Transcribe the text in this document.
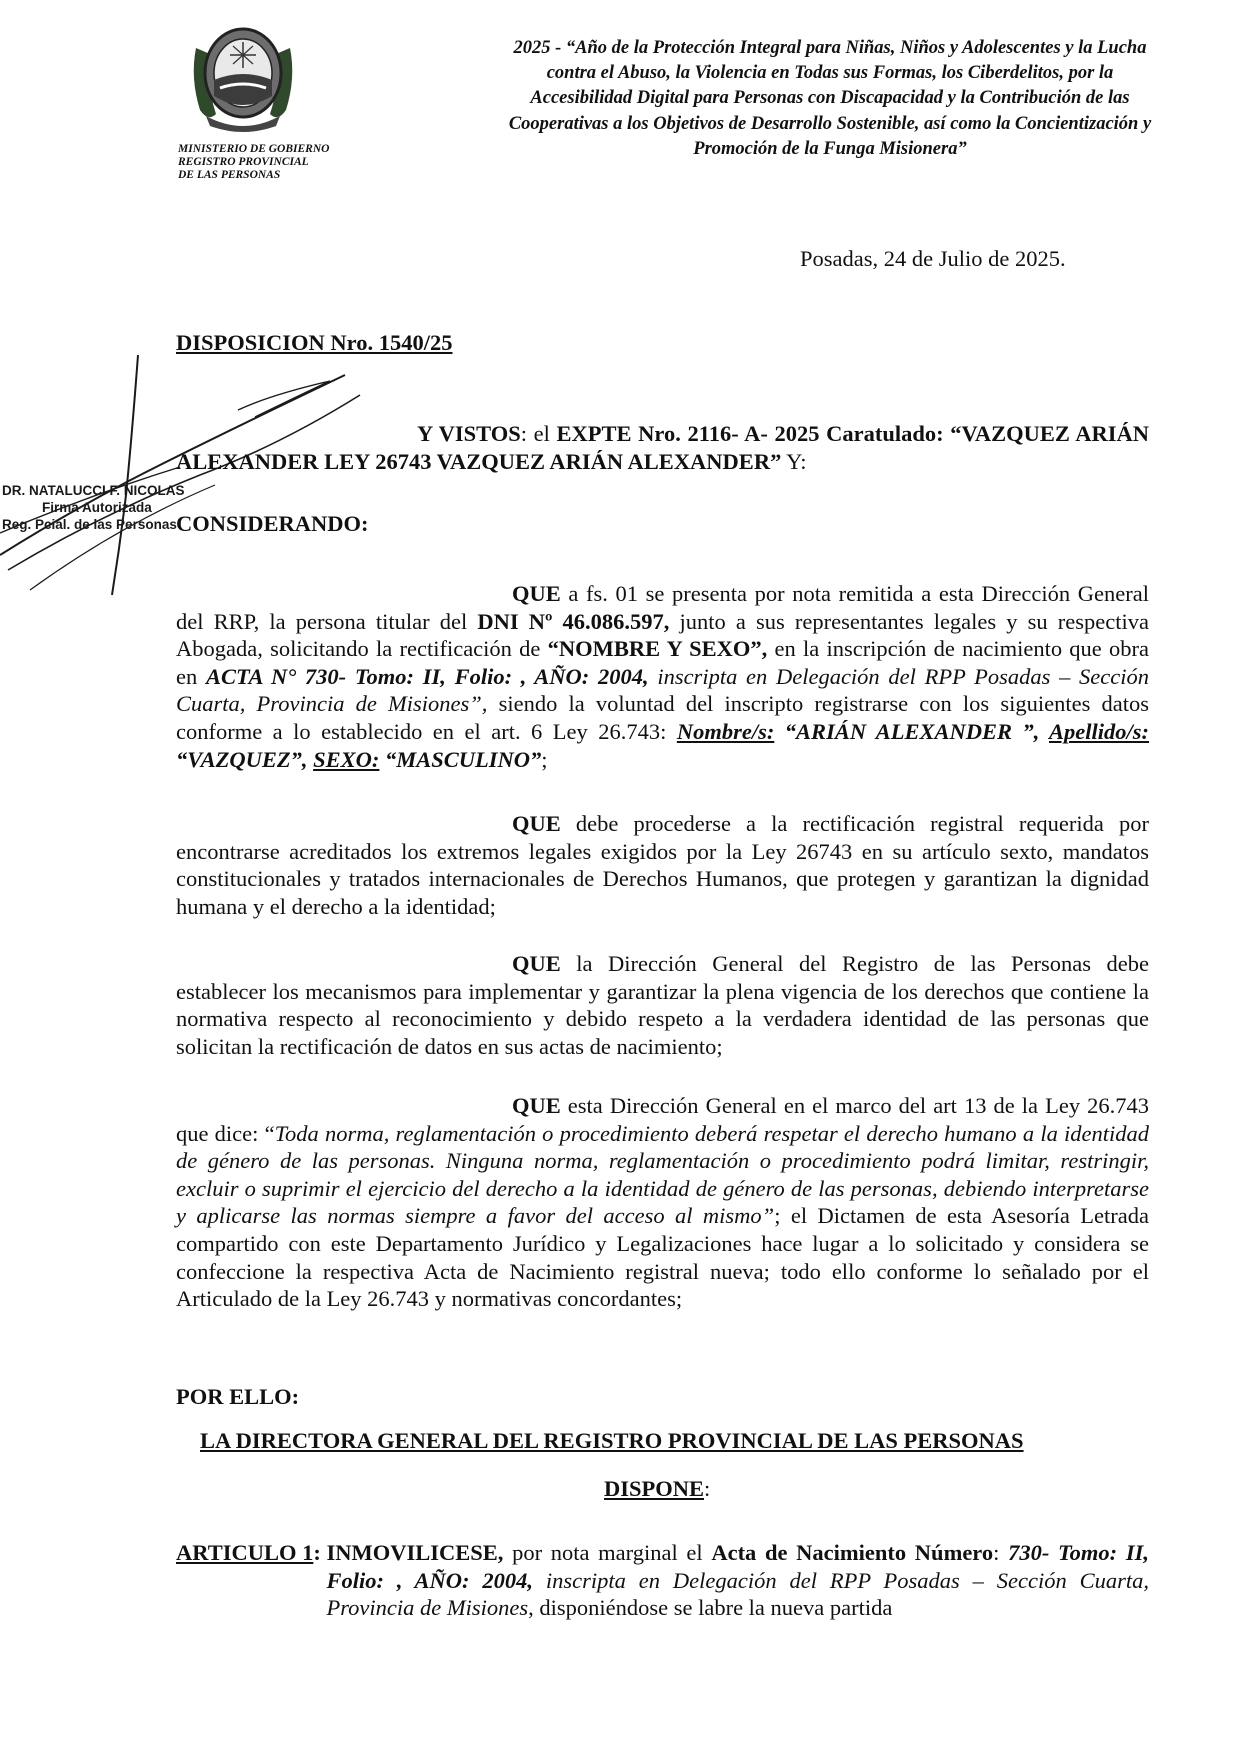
MINISTERIO DE GOBIERNO
REGISTRO PROVINCIAL
DE LAS PERSONAS
2025 - “Año de la Protección Integral para Niñas, Niños y Adolescentes y la Lucha
contra el Abuso, la Violencia en Todas sus Formas, los Ciberdelitos, por la
Accesibilidad Digital para Personas con Discapacidad y la Contribución de las
Cooperativas a los Objetivos de Desarrollo Sostenible, así como la Concientización y
Promoción de la Funga Misionera”
Posadas, 24 de Julio de 2025.
DISPOSICION Nro. 1540/25
DR. NATALUCCI F. NICOLAS
Firma Autorizada
Reg. Pcial. de las Personas
Y VISTOS: el EXPTE Nro. 2116- A- 2025 Caratulado: “VAZQUEZ ARIÁN ALEXANDER LEY 26743 VAZQUEZ ARIÁN ALEXANDER” Y:
CONSIDERANDO:
QUE a fs. 01 se presenta por nota remitida a esta Dirección General del RRP, la persona titular del DNI Nº 46.086.597, junto a sus representantes legales y su respectiva Abogada, solicitando la rectificación de “NOMBRE Y SEXO”, en la inscripción de nacimiento que obra en ACTA N° 730- Tomo: II, Folio: , AÑO: 2004, inscripta en Delegación del RPP Posadas – Sección Cuarta, Provincia de Misiones”, siendo la voluntad del inscripto registrarse con los siguientes datos conforme a lo establecido en el art. 6 Ley 26.743: Nombre/s: “ARIÁN ALEXANDER ”, Apellido/s: “VAZQUEZ”, SEXO: “MASCULINO”;
QUE debe procederse a la rectificación registral requerida por encontrarse acreditados los extremos legales exigidos por la Ley 26743 en su artículo sexto, mandatos constitucionales y tratados internacionales de Derechos Humanos, que protegen y garantizan la dignidad humana y el derecho a la identidad;
QUE la Dirección General del Registro de las Personas debe establecer los mecanismos para implementar y garantizar la plena vigencia de los derechos que contiene la normativa respecto al reconocimiento y debido respeto a la verdadera identidad de las personas que solicitan la rectificación de datos en sus actas de nacimiento;
QUE esta Dirección General en el marco del art 13 de la Ley 26.743 que dice: “Toda norma, reglamentación o procedimiento deberá respetar el derecho humano a la identidad de género de las personas. Ninguna norma, reglamentación o procedimiento podrá limitar, restringir, excluir o suprimir el ejercicio del derecho a la identidad de género de las personas, debiendo interpretarse y aplicarse las normas siempre a favor del acceso al mismo”; el Dictamen de esta Asesoría Letrada compartido con este Departamento Jurídico y Legalizaciones hace lugar a lo solicitado y considera se confeccione la respectiva Acta de Nacimiento registral nueva; todo ello conforme lo señalado por el Articulado de la Ley 26.743 y normativas concordantes;
POR ELLO:
LA DIRECTORA GENERAL DEL REGISTRO PROVINCIAL DE LAS PERSONAS
DISPONE:
ARTICULO 1: INMOVILICESE, por nota marginal el Acta de Nacimiento Número: 730- Tomo: II, Folio: , AÑO: 2004, inscripta en Delegación del RPP Posadas – Sección Cuarta, Provincia de Misiones, disponiéndose se labre la nueva partida
